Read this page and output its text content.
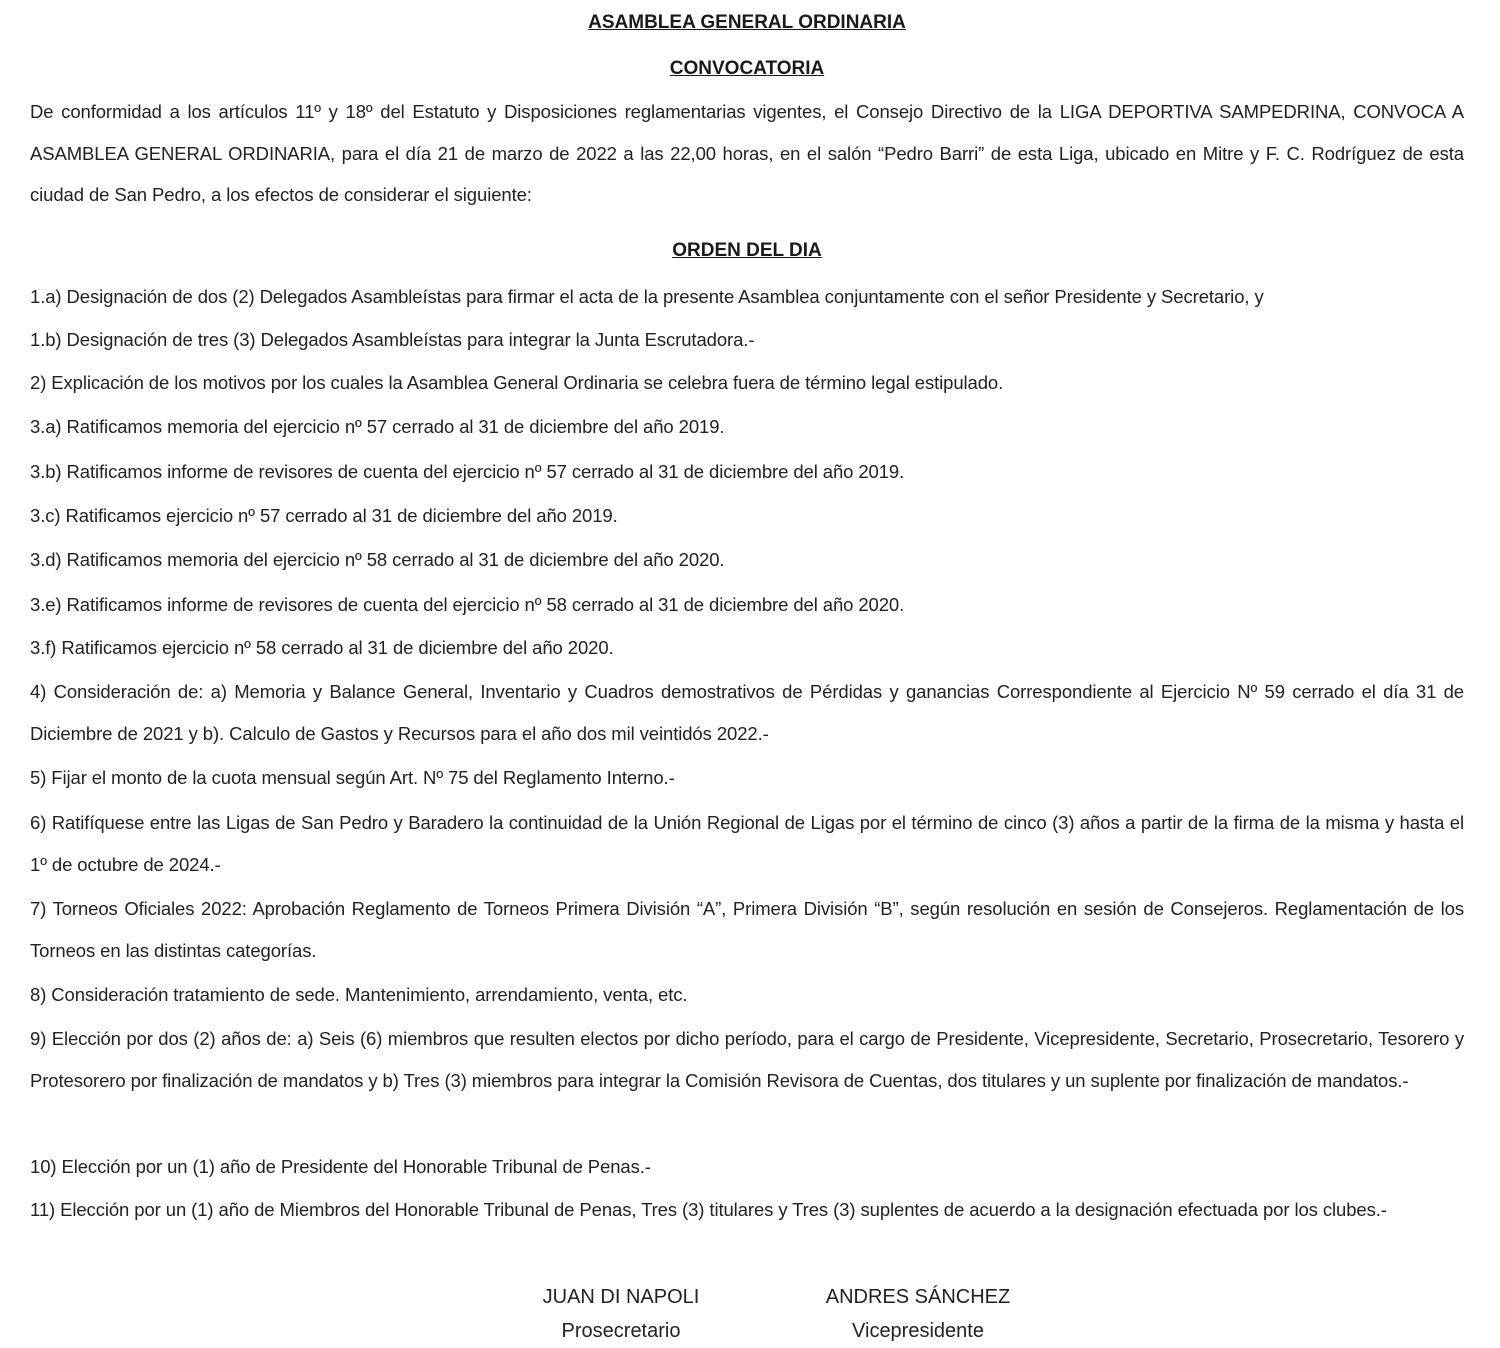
ASAMBLEA GENERAL ORDINARIA

CONVOCATORIA

De conformidad a los artículos 11º y 18º del Estatuto y Disposiciones reglamentarias vigentes, el Consejo Directivo de la LIGA DEPORTIVA SAMPEDRINA, CONVOCA A ASAMBLEA GENERAL ORDINARIA, para el día 21 de marzo de 2022 a las 22,00 horas, en el salón “Pedro Barri” de esta Liga, ubicado en Mitre y F. C. Rodríguez de esta ciudad de San Pedro, a los efectos de considerar el siguiente:

ORDEN DEL DIA

1.a) Designación de dos (2) Delegados Asambleístas para firmar el acta de la presente Asamblea conjuntamente con el señor Presidente y Secretario, y

1.b) Designación de tres (3) Delegados Asambleístas para integrar la Junta Escrutadora.-

2) Explicación de los motivos por los cuales la Asamblea General Ordinaria se celebra fuera de término legal estipulado.

3.a) Ratificamos memoria del ejercicio nº 57 cerrado al 31 de diciembre del año 2019.

3.b) Ratificamos informe de revisores de cuenta del ejercicio nº 57 cerrado al 31 de diciembre del año 2019.

3.c) Ratificamos ejercicio nº 57 cerrado al 31 de diciembre del año 2019.

3.d) Ratificamos memoria del ejercicio nº 58 cerrado al 31 de diciembre del año 2020.

3.e) Ratificamos informe de revisores de cuenta del ejercicio nº 58 cerrado al 31 de diciembre del año 2020.

3.f) Ratificamos ejercicio nº 58 cerrado al 31 de diciembre del año 2020.

4) Consideración de: a) Memoria y Balance General, Inventario y Cuadros demostrativos de Pérdidas y ganancias Correspondiente al Ejercicio Nº 59 cerrado el día 31 de Diciembre de 2021 y b). Calculo de Gastos y Recursos para el año dos mil veintidós 2022.-

5) Fijar el monto de la cuota mensual según Art. Nº 75 del Reglamento Interno.-

6) Ratifíquese entre las Ligas de San Pedro y Baradero la continuidad de la Unión Regional de Ligas por el término de cinco (3) años a partir de la firma de la misma y hasta el 1º de octubre de 2024.-

7) Torneos Oficiales 2022: Aprobación Reglamento de Torneos Primera División “A”, Primera División “B”, según resolución en sesión de Consejeros. Reglamentación de los Torneos en las distintas categorías.

8) Consideración tratamiento de sede. Mantenimiento, arrendamiento, venta, etc.

9) Elección por dos (2) años de: a) Seis (6) miembros que resulten electos por dicho período, para el cargo de Presidente, Vicepresidente, Secretario, Prosecretario, Tesorero y Protesorero por finalización de mandatos y b) Tres (3) miembros para integrar la Comisión Revisora de Cuentas, dos titulares y un suplente por finalización de mandatos.-

10) Elección por un (1) año de Presidente del Honorable Tribunal de Penas.-

11) Elección por un (1) año de Miembros del Honorable Tribunal de Penas, Tres (3) titulares y Tres (3) suplentes de acuerdo a la designación efectuada por los clubes.-

JUAN DI NAPOLI
Prosecretario
ANDRES SÁNCHEZ
Vicepresidente
